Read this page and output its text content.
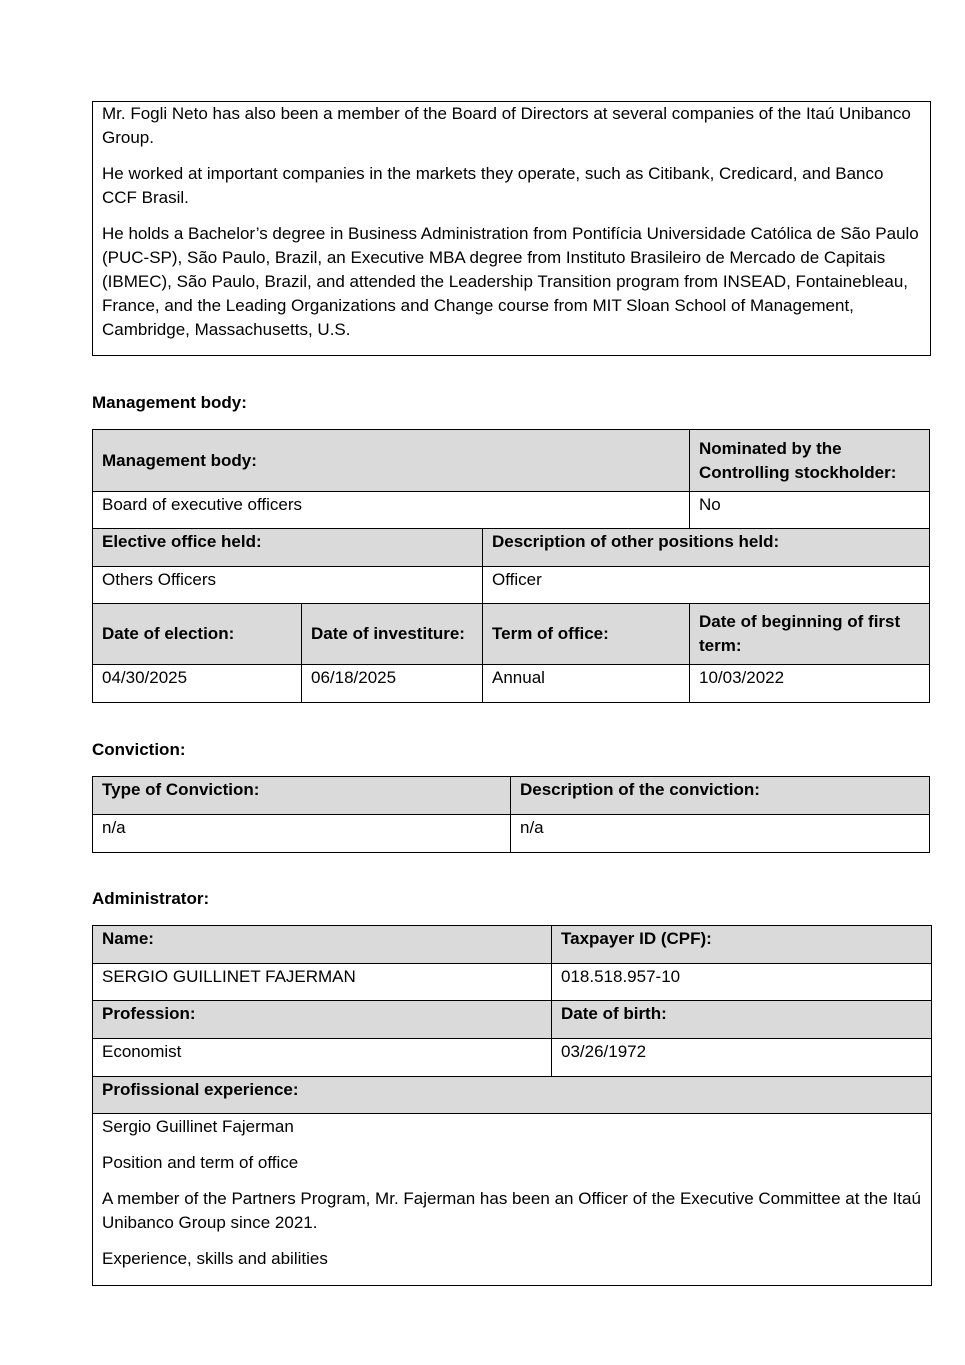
Mr. Fogli Neto has also been a member of the Board of Directors at several companies of the Itaú Unibanco Group.

He worked at important companies in the markets they operate, such as Citibank, Credicard, and Banco CCF Brasil.

He holds a Bachelor’s degree in Business Administration from Pontifícia Universidade Católica de São Paulo (PUC-SP), São Paulo, Brazil, an Executive MBA degree from Instituto Brasileiro de Mercado de Capitais (IBMEC), São Paulo, Brazil, and attended the Leadership Transition program from INSEAD, Fontainebleau, France, and the Leading Organizations and Change course from MIT Sloan School of Management, Cambridge, Massachusetts, U.S.

Management body:
Management body:			Nominated by the Controlling stockholder:
Board of executive officers			No
Elective office held:		Description of other positions held:	
Others Officers		Officer	
Date of election:	Date of investiture:	Term of office:	Date of beginning of first term:
04/30/2025	06/18/2025	Annual	10/03/2022
Conviction:
Type of Conviction:	Description of the conviction:
n/a	n/a
Administrator:
Name:	Taxpayer ID (CPF):
SERGIO GUILLINET FAJERMAN	018.518.957-10
Profession:	Date of birth:
Economist	03/26/1972
Profissional experience:	

Sergio Guillinet Fajerman

Position and term of office

A member of the Partners Program, Mr. Fajerman has been an Officer of the Executive Committee at the Itaú Unibanco Group since 2021.

Experience, skills and abilities	
